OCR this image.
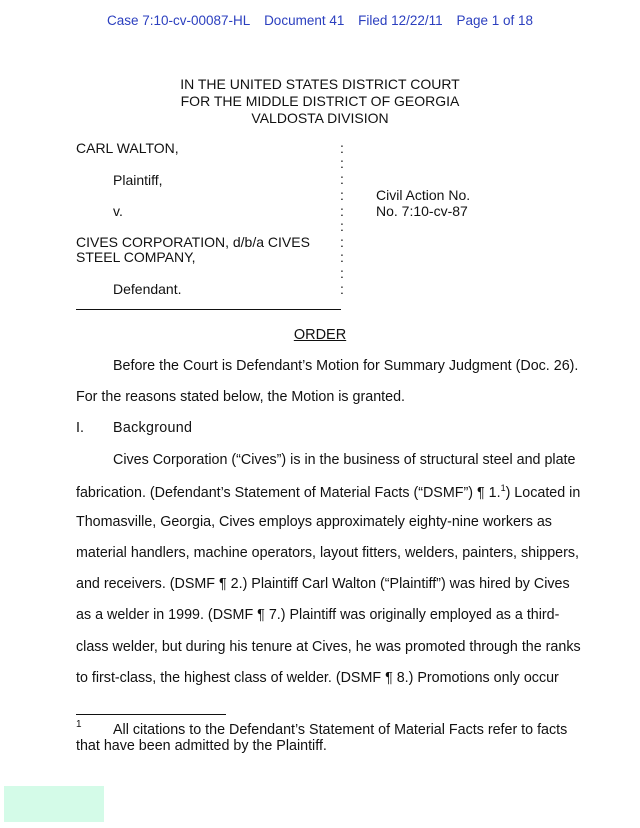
Case 7:10-cv-00087-HL Document 41 Filed 12/22/11 Page 1 of 18
IN THE UNITED STATES DISTRICT COURT
FOR THE MIDDLE DISTRICT OF GEORGIA
VALDOSTA DIVISION
CARL WALTON,
Plaintiff,
v.
CIVES CORPORATION, d/b/a CIVES
STEEL COMPANY,
Defendant.
:
:
:
:
:
:
:
:
:
:
Civil Action No.
No. 7:10-cv-87
ORDER
Before the Court is Defendant’s Motion for Summary Judgment (Doc. 26).
For the reasons stated below, the Motion is granted.
I. Background
Cives Corporation (“Cives”) is in the business of structural steel and plate
fabrication. (Defendant’s Statement of Material Facts (“DSMF”) ¶ 1.$^1$) Located in
Thomasville, Georgia, Cives employs approximately eighty-nine workers as
material handlers, machine operators, layout fitters, welders, painters, shippers,
and receivers. (DSMF ¶ 2.) Plaintiff Carl Walton (“Plaintiff”) was hired by Cives
as a welder in 1999. (DSMF ¶ 7.) Plaintiff was originally employed as a third-
class welder, but during his tenure at Cives, he was promoted through the ranks
to first-class, the highest class of welder. (DSMF ¶ 8.) Promotions only occur
1 All citations to the Defendant’s Statement of Material Facts refer to facts
that have been admitted by the Plaintiff.
